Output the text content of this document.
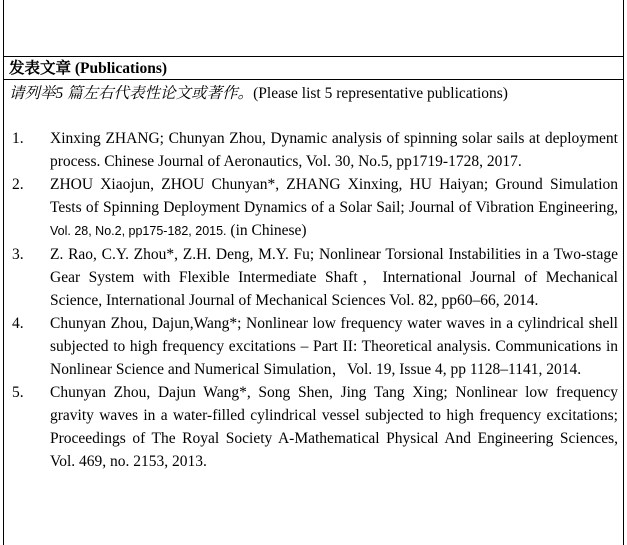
发表文章 (Publications)
请列举5 篇左右代表性论文或著作。(Please list 5 representative publications)
1. Xinxing ZHANG; Chunyan Zhou, Dynamic analysis of spinning solar sails at deployment process. Chinese Journal of Aeronautics, Vol. 30, No.5, pp1719-1728, 2017.
2. ZHOU Xiaojun, ZHOU Chunyan*, ZHANG Xinxing, HU Haiyan; Ground Simulation Tests of Spinning Deployment Dynamics of a Solar Sail; Journal of Vibration Engineering, Vol. 28, No.2, pp175-182, 2015. (in Chinese)
3. Z. Rao, C.Y. Zhou*, Z.H. Deng, M.Y. Fu; Nonlinear Torsional Instabilities in a Two-stage Gear System with Flexible Intermediate Shaft，International Journal of Mechanical Science, International Journal of Mechanical Sciences Vol. 82, pp60–66, 2014.
4. Chunyan Zhou, Dajun,Wang*; Nonlinear low frequency water waves in a cylindrical shell subjected to high frequency excitations – Part II: Theoretical analysis. Communications in Nonlinear Science and Numerical Simulation，Vol. 19, Issue 4, pp 1128–1141, 2014.
5. Chunyan Zhou, Dajun Wang*, Song Shen, Jing Tang Xing; Nonlinear low frequency gravity waves in a water-filled cylindrical vessel subjected to high frequency excitations; Proceedings of The Royal Society A-Mathematical Physical And Engineering Sciences, Vol. 469, no. 2153, 2013.
